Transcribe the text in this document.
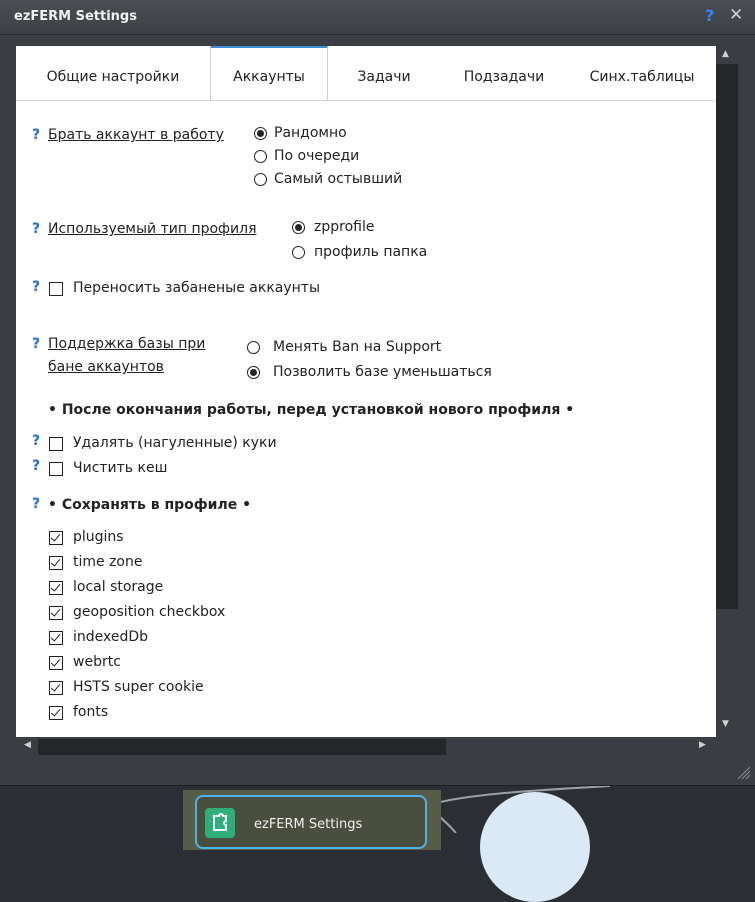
ezFERM Settings	? ✕
Общие настройки	Аккаунты	Задачи	Подзадачи	Синх.таблицы
? Брать аккаунт в работу	Рандомно
По очереди
Самый остывший
? Используемый тип профиля	zpprofile
профиль папка
? Переносить забаненые аккаунты
? Поддержка базы при
бане аккаунтов
Менять Ban на Support
Позволить базе уменьшаться
• После окончания работы, перед установкой нового профиля •
? Удалять (нагуленные) куки
? Чистить кеш
? • Сохранять в профиле •
plugins
time zone
local storage
geoposition checkbox
indexedDb
webrtc
HSTS super cookie
fonts
▲
▼
◀	▶
ezFERM Settings
